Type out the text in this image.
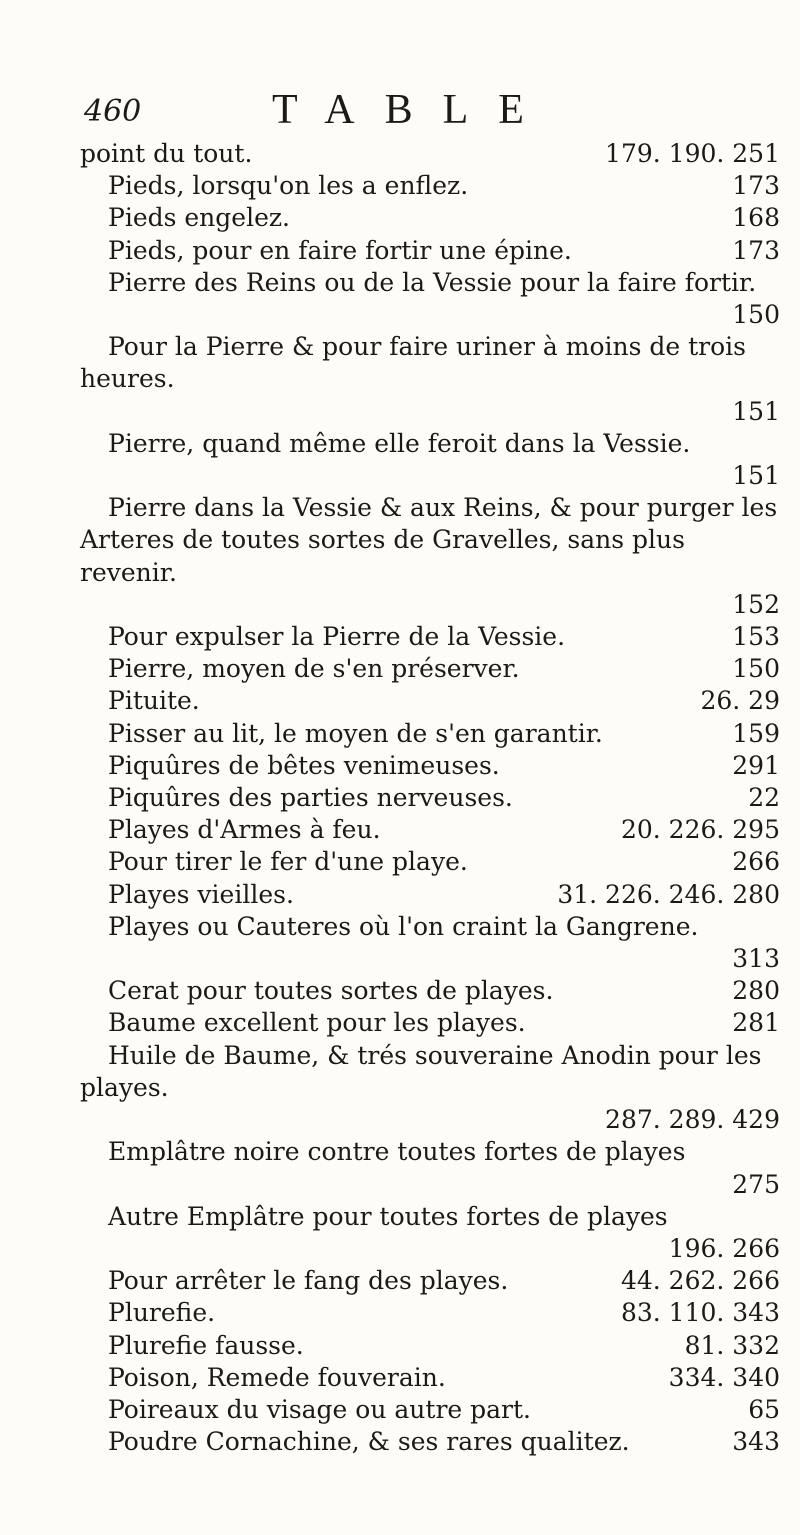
460	TABLE
point du tout.	179. 190. 251
Pieds, lorsqu'on les a enflez.	173
Pieds engelez.	168
Pieds, pour en faire fortir une épine.	173
Pierre des Reins ou de la Vessie pour la faire fortir.
150
Pour la Pierre & pour faire uriner à moins de trois heures.
151
Pierre, quand même elle feroit dans la Vessie.
151
Pierre dans la Vessie & aux Reins, & pour purger les Arteres de toutes sortes de Gravelles, sans plus revenir.
152
Pour expulser la Pierre de la Vessie.	153
Pierre, moyen de s'en préserver.	150
Pituite.	26. 29
Pisser au lit, le moyen de s'en garantir.	159
Piquûres de bêtes venimeuses.	291
Piquûres des parties nerveuses.	22
Playes d'Armes à feu.	20. 226. 295
Pour tirer le fer d'une playe.	266
Playes vieilles.	31. 226. 246. 280
Playes ou Cauteres où l'on craint la Gangrene.
313
Cerat pour toutes sortes de playes.	280
Baume excellent pour les playes.	281
Huile de Baume, & trés souveraine Anodin pour les playes.
287. 289. 429
Emplâtre noire contre toutes fortes de playes
275
Autre Emplâtre pour toutes fortes de playes
196. 266
Pour arrêter le fang des playes.	44. 262. 266
Plurefie.	83. 110. 343
Plurefie fausse.	81. 332
Poison, Remede fouverain.	334. 340
Poireaux du visage ou autre part.	65
Poudre Cornachine, & ses rares qualitez.	343
